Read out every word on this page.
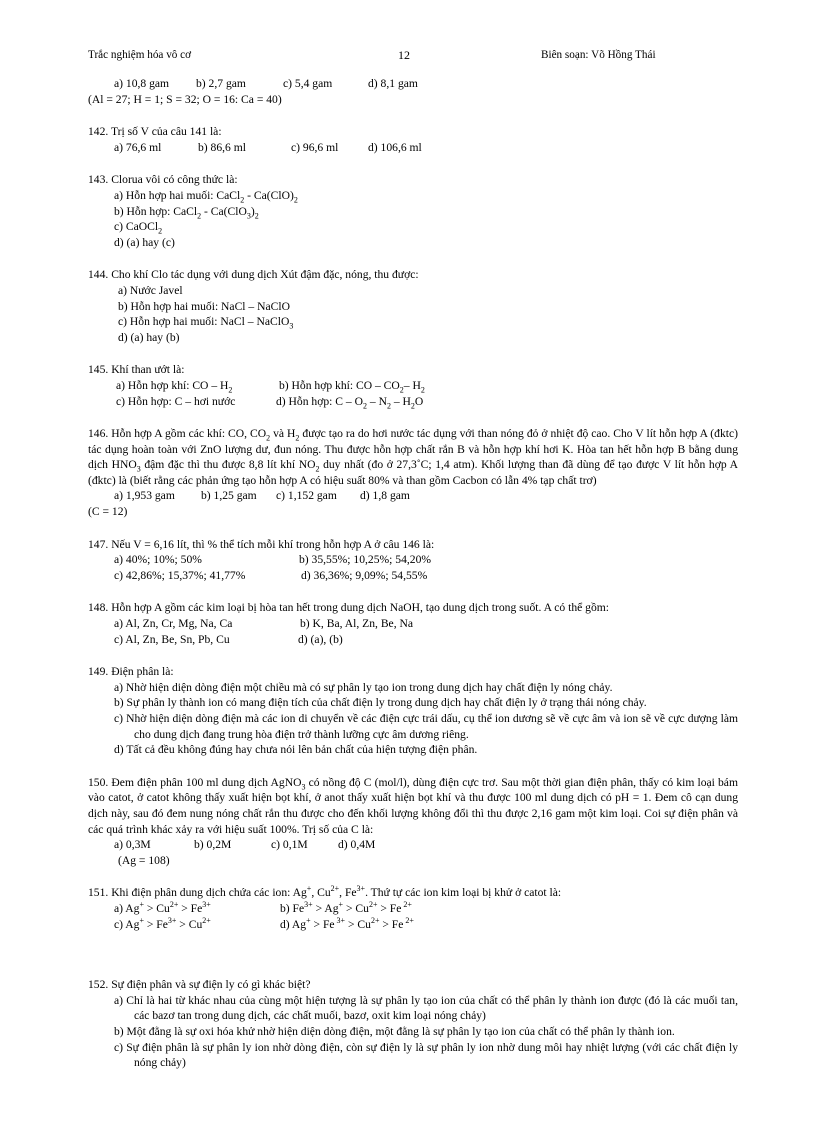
Trắc nghiệm hóa vô cơ	12	Biên soạn: Võ Hồng Thái
a) 10,8 gam b) 2,7 gam	c) 5,4 gam	d) 8,1 gam
(Al = 27; H = 1; S = 32; O = 16: Ca = 40)
142. Trị số V của câu 141 là:
a) 76,6 ml	b) 86,6 ml	c) 96,6 ml	d) 106,6 ml
143. Clorua vôi có công thức là:
a) Hỗn hợp hai muối: CaCl$_2$ - $Ca(ClO)_2$
b) Hỗn hợp: CaCl$_2$ - $Ca(ClO_3)_2$
c) CaOCl$_2$
d) (a) hay (c)
144. Cho khí Clo tác dụng với dung dịch Xút đậm đặc, nóng, thu được:
a) Nước Javel
b) Hỗn hợp hai muối: NaCl – NaClO
c) Hỗn hợp hai muối: NaCl – NaClO$_3$
d) (a) hay (b)
145. Khí than ướt là:
a) Hỗn hợp khí: CO – $H_2$	b) Hỗn hợp khí: CO – $CO_2-$ $H_2$
c) Hỗn hợp: C – hơi nước	d) Hỗn hợp: C – $O_2 - N_2 - H_2O$
146. Hỗn hợp A gồm các khí: CO, $CO_2$ và $H_2$ được tạo ra do hơi nước tác dụng với than nóng đỏ ở nhiệt độ cao. Cho V lít hỗn hợp A (đktc) tác dụng hoàn toàn với ZnO lượng dư, đun nóng. Thu được hỗn hợp chất rắn B và hỗn hợp khí hơi K. Hòa tan hết hỗn hợp B bằng dung dịch $HNO_3$ đậm đặc thì thu được 8,8 lít khí $NO_2$ duy nhất (đo ở 27,3˚C; 1,4 atm). Khối lượng than đã dùng để tạo được V lít hỗn hợp A (đktc) là (biết rằng các phản ứng tạo hỗn hợp A có hiệu suất 80% và than gồm Cacbon có lẫn 4% tạp chất trơ)
a) 1,953 gam b) 1,25 gam c) 1,152 gam d) 1,8 gam
(C = 12)
147. Nếu V = 6,16 lít, thì % thể tích mỗi khí trong hỗn hợp A ở câu 146 là:
a) 40%; 10%; 50%	b) 35,55%; 10,25%; 54,20%
c) 42,86%; 15,37%; 41,77%	d) 36,36%; 9,09%; 54,55%
148. Hỗn hợp A gồm các kim loại bị hòa tan hết trong dung dịch NaOH, tạo dung dịch trong suốt. A có thể gồm:
a) Al, Zn, Cr, Mg, Na, Ca	b) K, Ba, Al, Zn, Be, Na
c) Al, Zn, Be, Sn, Pb, Cu	d) (a), (b)
149. Điện phân là:
a) Nhờ hiện diện dòng điện một chiều mà có sự phân ly tạo ion trong dung dịch hay chất điện ly nóng chảy.
b) Sự phân ly thành ion có mang điện tích của chất điện ly trong dung dịch hay chất điện ly ở trạng thái nóng chảy.
c) Nhờ hiện diện dòng điện mà các ion di chuyển về các điện cực trái dấu, cụ thể ion dương sẽ về cực âm và ion sẽ về cực dượng làm cho dung dịch đang trung hòa điện trở thành lưỡng cực âm dương riêng.
d) Tất cả đều không đúng hay chưa nói lên bản chất của hiện tượng điện phân.
150. Đem điện phân 100 ml dung dịch AgNO$_3$ có nồng độ C (mol/l), dùng điện cực trơ. Sau một thời gian điện phân, thấy có kim loại bám vào catot, ở catot không thấy xuất hiện bọt khí, ở anot thấy xuất hiện bọt khí và thu được 100 ml dung dịch có pH = 1. Đem cô cạn dung dịch này, sau đó đem nung nóng chất rắn thu được cho đến khối lượng không đổi thì thu được 2,16 gam một kim loại. Coi sự điện phân và các quá trình khác xảy ra với hiệu suất 100%. Trị số của C là:
a) 0,3M	b) 0,2M	c) 0,1M	d) 0,4M
(Ag = 108)
151. Khi điện phân dung dịch chứa các ion: Ag+, $Cu^{2+}$, $Fe^{3+}$. Thứ tự các ion kim loại bị khử ở catot là:
a) $Ag^+ > Cu^{2+} > Fe^{3+}$	b) $Fe^{3+} > Ag^+ > Cu^{2+} > Fe$ $^{2+}$
c) $Ag^+ > Fe^{3+} > Cu^{2+}$	d) Ag+ > Fe $^{3+} > Cu^{2+} > Fe$ $^{2+}$
152. Sự điện phân và sự điện ly có gì khác biệt?
a) Chỉ là hai từ khác nhau của cùng một hiện tượng là sự phân ly tạo ion của chất có thể phân ly thành ion được (đó là các muối tan, các bazơ tan trong dung dịch, các chất muối, bazơ, oxit kim loại nóng chảy)
b) Một đằng là sự oxi hóa khử nhờ hiện diện dòng điện, một đằng là sự phân ly tạo ion của chất có thể phân ly thành ion.
c) Sự điện phân là sự phân ly ion nhờ dòng điện, còn sự điện ly là sự phân ly ion nhờ dung môi hay nhiệt lượng (với các chất điện ly nóng chảy)
